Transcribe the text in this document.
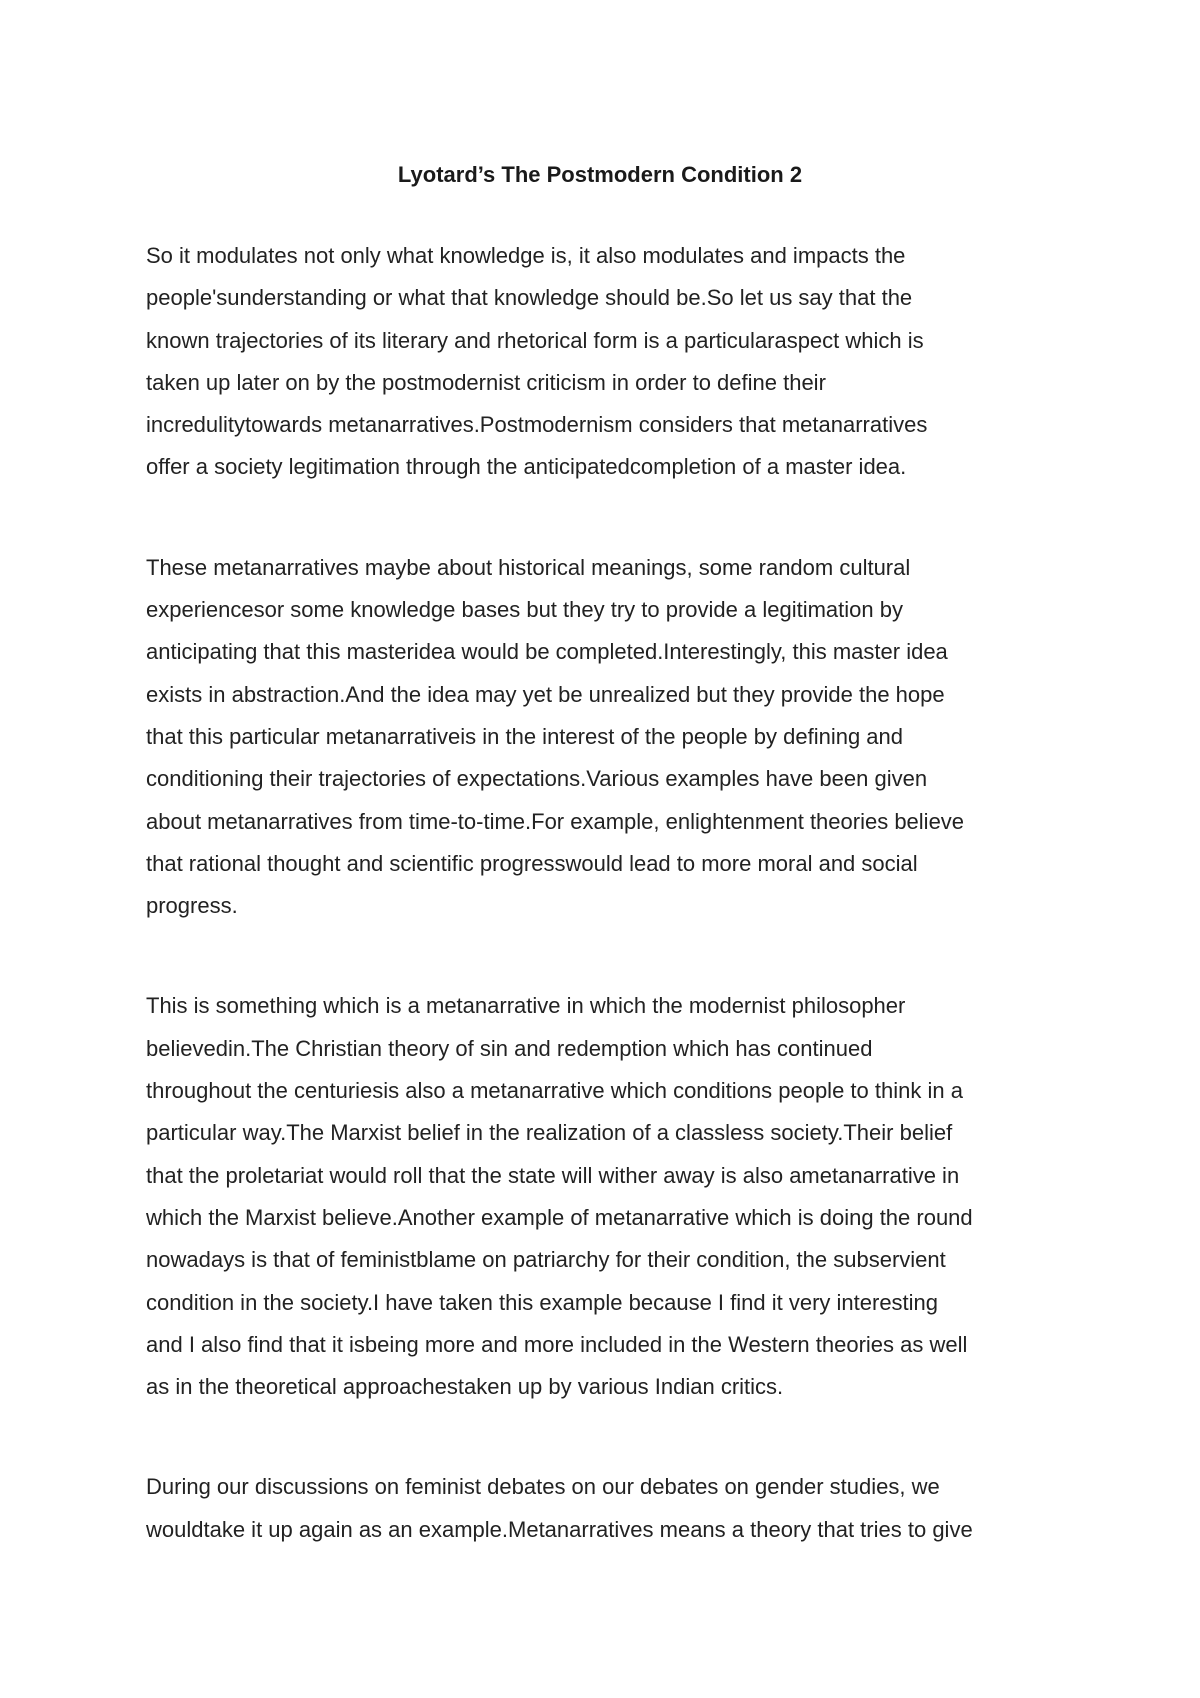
Lyotard’s The Postmodern Condition 2

So it modulates not only what knowledge is, it also modulates and impacts the
people'sunderstanding or what that knowledge should be.So let us say that the
known trajectories of its literary and rhetorical form is a particularaspect which is
taken up later on by the postmodernist criticism in order to define their
incredulitytowards metanarratives.Postmodernism considers that metanarratives
offer a society legitimation through the anticipatedcompletion of a master idea.

These metanarratives maybe about historical meanings, some random cultural
experiencesor some knowledge bases but they try to provide a legitimation by
anticipating that this masteridea would be completed.Interestingly, this master idea
exists in abstraction.And the idea may yet be unrealized but they provide the hope
that this particular metanarrativeis in the interest of the people by defining and
conditioning their trajectories of expectations.Various examples have been given
about metanarratives from time-to-time.For example, enlightenment theories believe
that rational thought and scientific progresswould lead to more moral and social
progress.

This is something which is a metanarrative in which the modernist philosopher
believedin.The Christian theory of sin and redemption which has continued
throughout the centuriesis also a metanarrative which conditions people to think in a
particular way.The Marxist belief in the realization of a classless society.Their belief
that the proletariat would roll that the state will wither away is also ametanarrative in
which the Marxist believe.Another example of metanarrative which is doing the round
nowadays is that of feministblame on patriarchy for their condition, the subservient
condition in the society.I have taken this example because I find it very interesting
and I also find that it isbeing more and more included in the Western theories as well
as in the theoretical approachestaken up by various Indian critics.

During our discussions on feminist debates on our debates on gender studies, we
wouldtake it up again as an example.Metanarratives means a theory that tries to give
